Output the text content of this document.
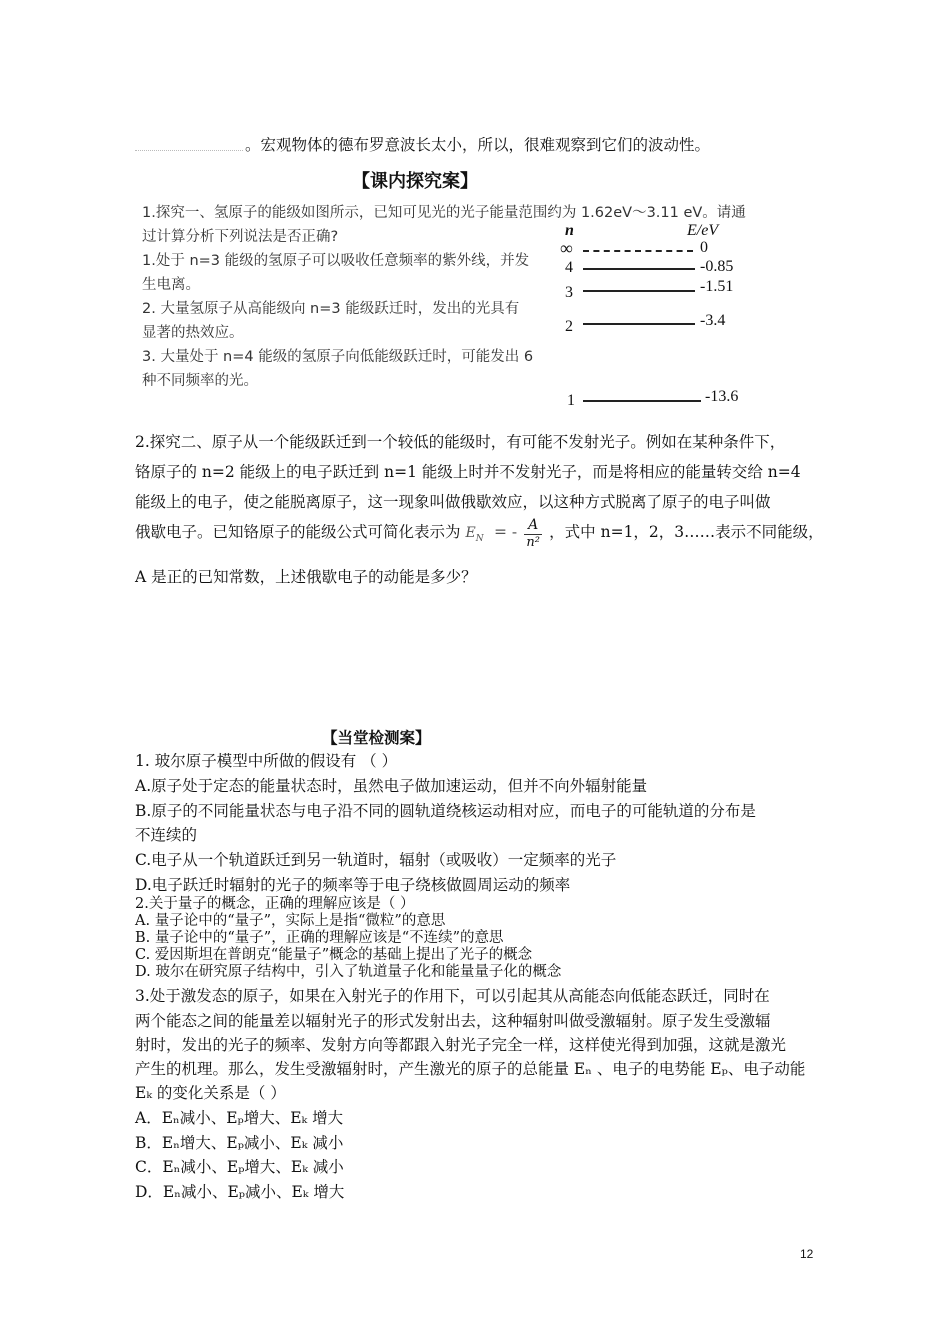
。宏观物体的德布罗意波长太小，所以，很难观察到它们的波动性。
【课内探究案】
1.探究一、氢原子的能级如图所示，已知可见光的光子能量范围约为 1.62eV～3.11 eV。请通
过计算分析下列说法是否正确?
1.处于 n=3 能级的氢原子可以吸收任意频率的紫外线，并发
生电离。
2. 大量氢原子从高能级向 n=3 能级跃迁时，发出的光具有
显著的热效应。
3. 大量处于 n=4 能级的氢原子向低能级跃迁时，可能发出 6
种不同频率的光。
n	E/eV
∞	0
4	-0.85
3	-1.51
2	-3.4
1	-13.6
2.探究二、原子从一个能级跃迁到一个较低的能级时，有可能不发射光子。例如在某种条件下，
铬原子的 n=2 能级上的电子跃迁到 n=1 能级上时并不发射光子，而是将相应的能量转交给 n=4
能级上的电子，使之能脱离原子，这一现象叫做俄歇效应，以这种方式脱离了原子的电子叫做
俄歇电子。已知铬原子的能级公式可简化表示为 $E_N$ = - $\frac{A}{\text{n²}}$ ，式中 n=1，2，3……表示不同能级，
A 是正的已知常数，上述俄歇电子的动能是多少？
【当堂检测案】
1. 玻尔原子模型中所做的假设有 （ ）
A.原子处于定态的能量状态时，虽然电子做加速运动，但并不向外辐射能量
B.原子的不同能量状态与电子沿不同的圆轨道绕核运动相对应，而电子的可能轨道的分布是
不连续的
C.电子从一个轨道跃迁到另一轨道时，辐射（或吸收）一定频率的光子
D.电子跃迁时辐射的光子的频率等于电子绕核做圆周运动的频率
2.关于量子的概念，正确的理解应该是（ ）
A. 量子论中的“量子”，实际上是指“微粒”的意思
B. 量子论中的“量子”，正确的理解应该是“不连续”的意思
C. 爱因斯坦在普朗克“能量子”概念的基础上提出了光子的概念
D. 玻尔在研究原子结构中，引入了轨道量子化和能量量子化的概念
3.处于激发态的原子，如果在入射光子的作用下，可以引起其从高能态向低能态跃迁，同时在
两个能态之间的能量差以辐射光子的形式发射出去，这种辐射叫做受激辐射。原子发生受激辐
射时，发出的光子的频率、发射方向等都跟入射光子完全一样，这样使光得到加强，这就是激光
产生的机理。那么，发生受激辐射时，产生激光的原子的总能量 Eₙ 、电子的电势能 Eₚ、电子动能
Eₖ 的变化关系是（ ）
A．Eₙ减小、Eₚ增大、Eₖ 增大
B．Eₙ增大、Eₚ减小、Eₖ 减小
C．Eₙ减小、Eₚ增大、Eₖ 减小
D．Eₙ减小、Eₚ减小、Eₖ 增大
12
